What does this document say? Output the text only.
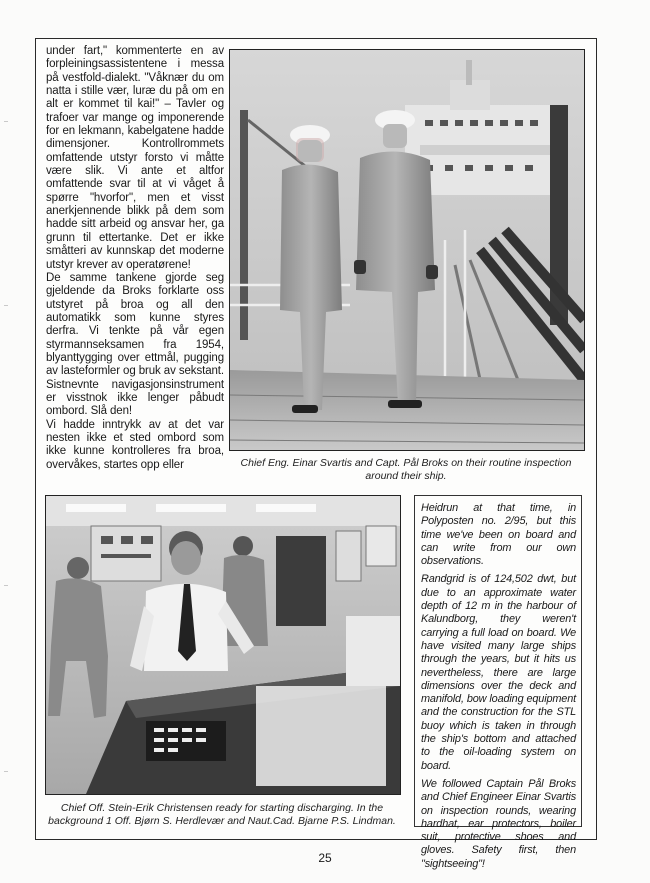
under fart," kommenterte en av forpleiningsassistentene i messa på vestfold-dialekt. "Våknær du om natta i stille vær, luræ du på om en alt er kommet til kai!" – Tavler og trafoer var mange og imponerende for en lekmann, kabelgatene hadde dimensjoner. Kontrollrommets omfattende utstyr forsto vi måtte være slik. Vi ante et altfor omfattende svar til at vi våget å spørre "hvorfor", men et visst anerkjennende blikk på dem som hadde sitt arbeid og ansvar her, ga grunn til ettertanke. Det er ikke småtteri av kunnskap det moderne utstyr krever av operatørene!

De samme tankene gjorde seg gjeldende da Broks forklarte oss utstyret på broa og all den automatikk som kunne styres derfra. Vi tenkte på vår egen styrmannseksamen fra 1954, blyanttygging over ettmål, pugging av lasteformler og bruk av sekstant. Sistnevnte navigasjonsinstrument er visstnok ikke lenger påbudt ombord. Slå den!

Vi hadde inntrykk av at det var nesten ikke et sted ombord som ikke kunne kontrolleres fra broa, overvåkes, startes opp eller	Chief Eng. Einar Svartis and Capt. Pål Broks on their routine inspection around their ship.
Chief Off. Stein-Erik Christensen ready for starting discharging. In the background 1 Off. Bjørn S. Herdlevær and Naut.Cad. Bjarne P.S. Lindman.

Heidrun at that time, in Polyposten no. 2/95, but this time we've been on board and can write from our own observations.

Randgrid is of 124,502 dwt, but due to an approximate water depth of 12 m in the harbour of Kalundborg, they weren't carrying a full load on board. We have visited many large ships through the years, but it hits us nevertheless, there are large dimensions over the deck and manifold, bow loading equipment and the construction for the STL buoy which is taken in through the ship's bottom and attached to the oil-loading system on board.

We followed Captain Pål Broks and Chief Engineer Einar Svartis on inspection rounds, wearing hardhat, ear protectors, boiler suit, protective shoes and gloves. Safety first, then "sightseeing"!

25
